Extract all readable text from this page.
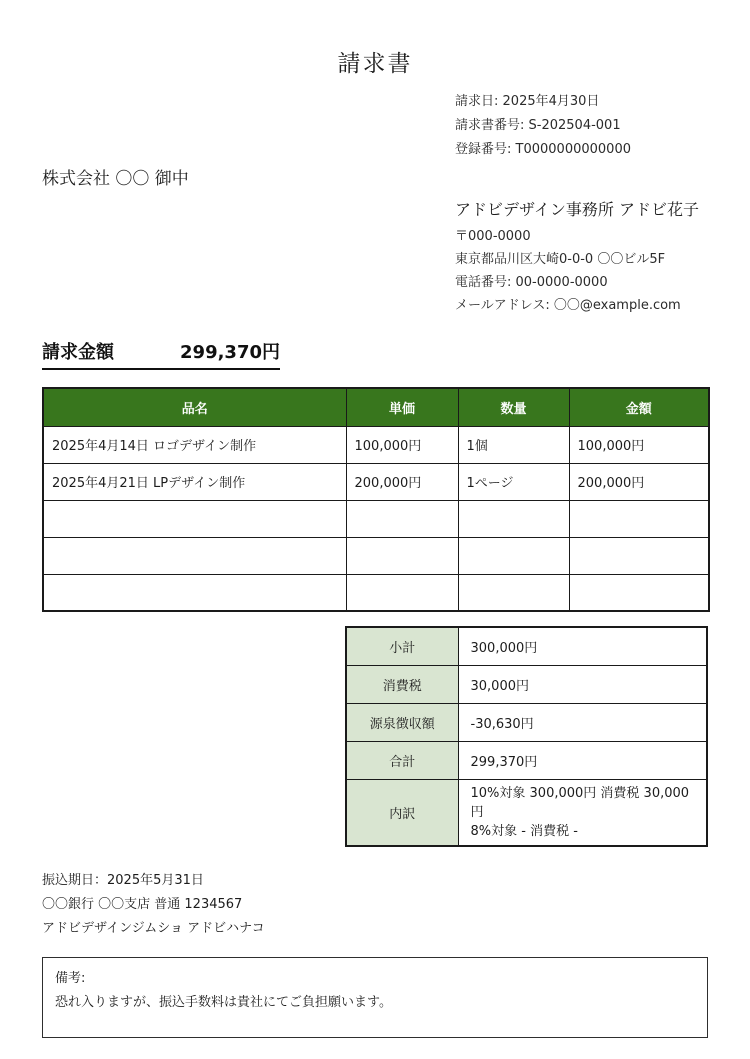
請求書
請求日: 2025年4月30日
請求書番号: S-202504-001
登録番号: T0000000000000
株式会社 〇〇 御中
アドビデザイン事務所 アドビ花子
〒000-0000
東京都品川区大崎0-0-0 〇〇ビル5F
電話番号: 00-0000-0000
メールアドレス: 〇〇@example.com
請求金額	299,370円
品名	単価	数量	金額
2025年4月14日 ロゴデザイン制作	100,000円	1個	100,000円
2025年4月21日 LPデザイン制作	200,000円	1ページ	200,000円

小計	300,000円
消費税	30,000円
源泉徴収額	-30,630円
合計	299,370円
内訳	10%対象 300,000円 消費税 30,000円
8%対象 - 消費税 -
振込期日：2025年5月31日
〇〇銀行 〇〇支店 普通 1234567
アドビデザインジムショ アドビハナコ
備考:
恐れ入りますが、振込手数料は貴社にてご負担願います。
